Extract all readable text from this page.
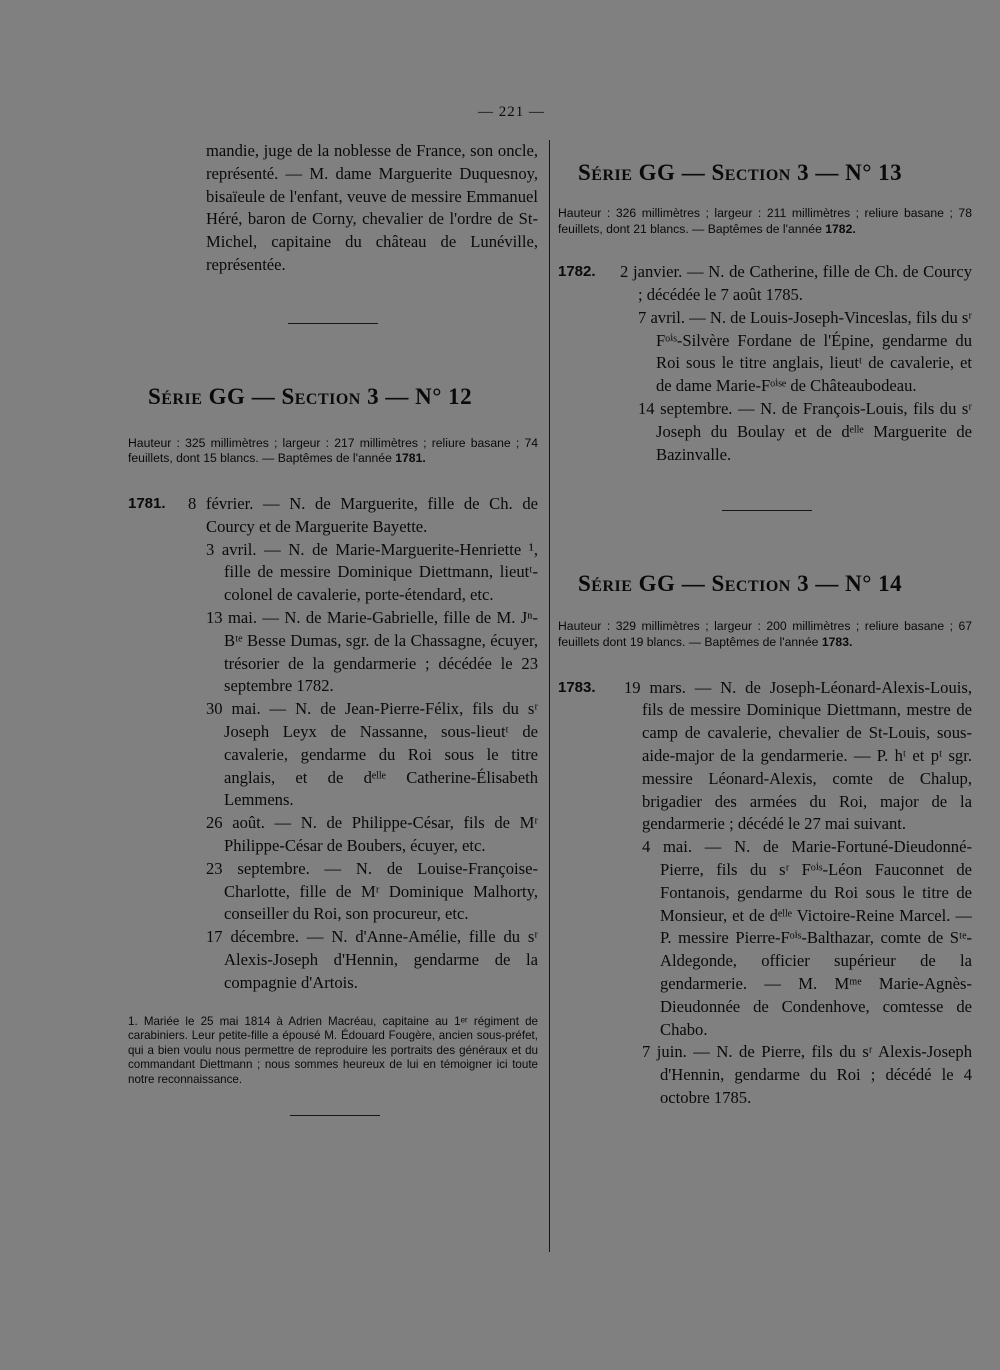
— 221 —

mandie, juge de la noblesse de France, son oncle, représenté. — M. dame Marguerite Duquesnoy, bisaïeule de l'enfant, veuve de messire Emmanuel Héré, baron de Corny, chevalier de l'ordre de St-Michel, capitaine du château de Lunéville, représentée.

Série GG — Section 3 — N° 12

Hauteur : 325 millimètres ; largeur : 217 millimètres ; reliure basane ; 74 feuillets, dont 15 blancs. — Baptêmes de l'année 1781.

1781. 8 février. — N. de Marguerite, fille de Ch. de Courcy et de Marguerite Bayette.

3 avril. — N. de Marie-Marguerite-Henriette ¹, fille de messire Dominique Diettmann, lieutᵗ-colonel de cavalerie, porte-étendard, etc.

13 mai. — N. de Marie-Gabrielle, fille de M. Jⁿ-Bᵗᵉ Besse Dumas, sgr. de la Chassagne, écuyer, trésorier de la gendarmerie ; décédée le 23 septembre 1782.

30 mai. — N. de Jean-Pierre-Félix, fils du sʳ Joseph Leyx de Nassanne, sous-lieutᵗ de cavalerie, gendarme du Roi sous le titre anglais, et de dᵉˡˡᵉ Catherine-Élisabeth Lemmens.

26 août. — N. de Philippe-César, fils de Mʳ Philippe-César de Boubers, écuyer, etc.

23 septembre. — N. de Louise-Françoise-Charlotte, fille de Mʳ Dominique Malhorty, conseiller du Roi, son procureur, etc.

17 décembre. — N. d'Anne-Amélie, fille du sʳ Alexis-Joseph d'Hennin, gendarme de la compagnie d'Artois.

1. Mariée le 25 mai 1814 à Adrien Macréau, capitaine au 1ᵉʳ régiment de carabiniers. Leur petite-fille a épousé M. Édouard Fougère, ancien sous-préfet, qui a bien voulu nous permettre de reproduire les portraits des généraux et du commandant Diettmann ; nous sommes heureux de lui en témoigner ici toute notre reconnaissance.

Série GG — Section 3 — N° 13

Hauteur : 326 millimètres ; largeur : 211 millimètres ; reliure basane ; 78 feuillets, dont 21 blancs. — Baptêmes de l'année 1782.

1782. 2 janvier. — N. de Catherine, fille de Ch. de Courcy ; décédée le 7 août 1785.

7 avril. — N. de Louis-Joseph-Vinceslas, fils du sʳ Fᵒⁱˢ-Silvère Fordane de l'Épine, gendarme du Roi sous le titre anglais, lieutᵗ de cavalerie, et de dame Marie-Fᵒⁱˢᵉ de Châteaubodeau.

14 septembre. — N. de François-Louis, fils du sʳ Joseph du Boulay et de dᵉˡˡᵉ Marguerite de Bazinvalle.

Série GG — Section 3 — N° 14

Hauteur : 329 millimètres ; largeur : 200 millimètres ; reliure basane ; 67 feuillets dont 19 blancs. — Baptêmes de l'année 1783.

1783. 19 mars. — N. de Joseph-Léonard-Alexis-Louis, fils de messire Dominique Diettmann, mestre de camp de cavalerie, chevalier de St-Louis, sous-aide-major de la gendarmerie. — P. hᵗ et pᵗ sgr. messire Léonard-Alexis, comte de Chalup, brigadier des armées du Roi, major de la gendarmerie ; décédé le 27 mai suivant.

4 mai. — N. de Marie-Fortuné-Dieudonné-Pierre, fils du sʳ Fᵒⁱˢ-Léon Fauconnet de Fontanois, gendarme du Roi sous le titre de Monsieur, et de dᵉˡˡᵉ Victoire-Reine Marcel. — P. messire Pierre-Fᵒⁱˢ-Balthazar, comte de Sᵗᵉ-Aldegonde, officier supérieur de la gendarmerie. — M. Mᵐᵉ Marie-Agnès-Dieudonnée de Condenhove, comtesse de Chabo.

7 juin. — N. de Pierre, fils du sʳ Alexis-Joseph d'Hennin, gendarme du Roi ; décédé le 4 octobre 1785.
